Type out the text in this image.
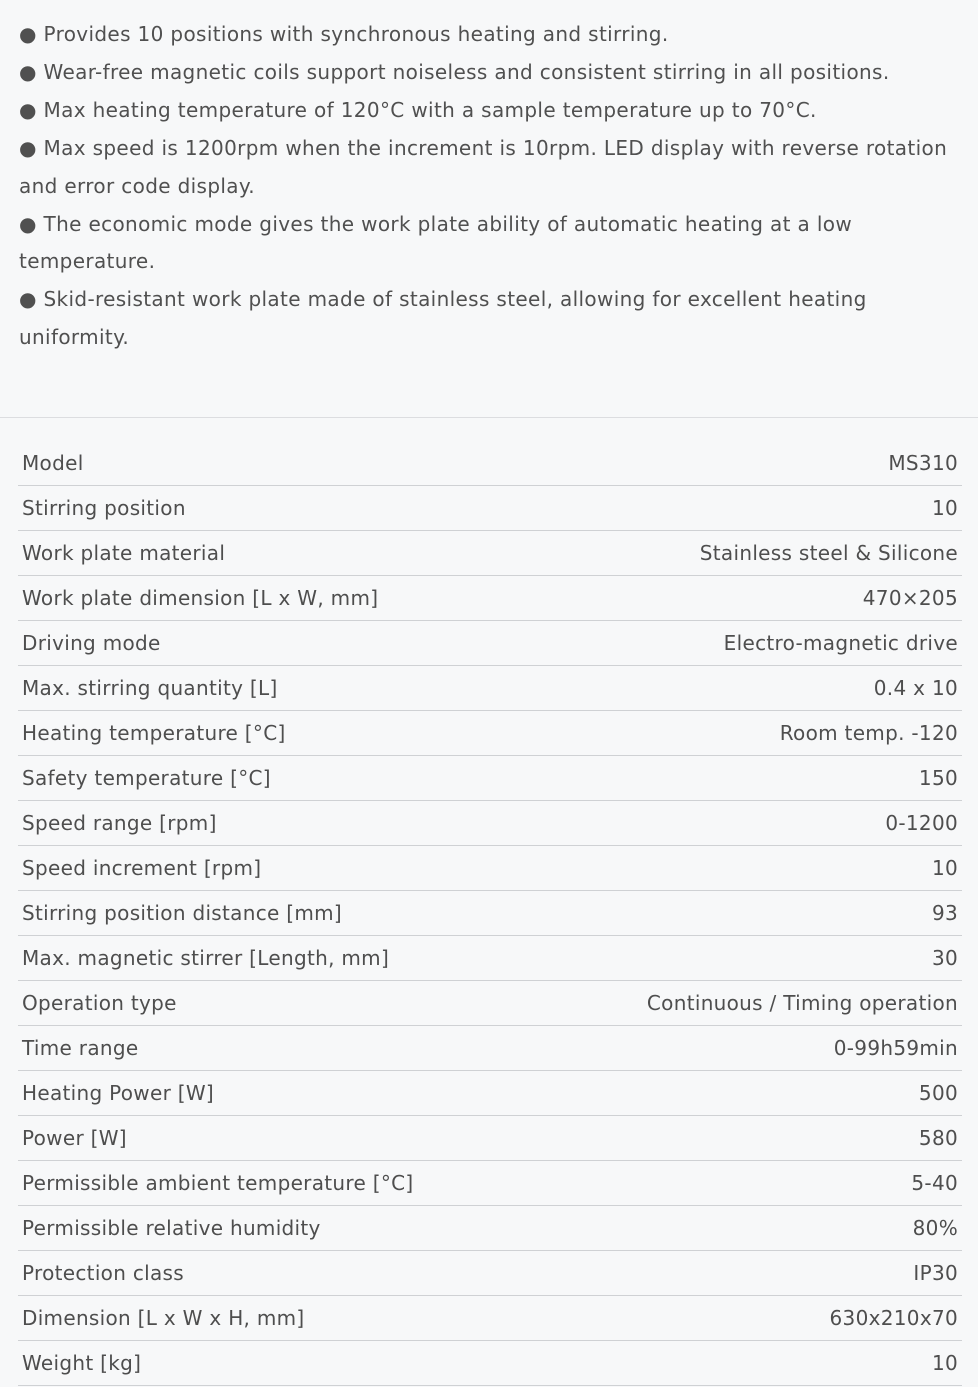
● Provides 10 positions with synchronous heating and stirring.

● Wear-free magnetic coils support noiseless and consistent stirring in all positions.

● Max heating temperature of 120°C with a sample temperature up to 70°C.

● Max speed is 1200rpm when the increment is 10rpm. LED display with reverse rotation and error code display.

● The economic mode gives the work plate ability of automatic heating at a low temperature.

● Skid-resistant work plate made of stainless steel, allowing for excellent heating uniformity.

Model	MS310
Stirring position	10
Work plate material	Stainless steel & Silicone
Work plate dimension [L x W, mm]	470×205
Driving mode	Electro-magnetic drive
Max. stirring quantity [L]	0.4 x 10
Heating temperature [°C]	Room temp. -120
Safety temperature [°C]	150
Speed range [rpm]	0-1200
Speed increment [rpm]	10
Stirring position distance [mm]	93
Max. magnetic stirrer [Length, mm]	30
Operation type	Continuous / Timing operation
Time range	0-99h59min
Heating Power [W]	500
Power [W]	580
Permissible ambient temperature [°C]	5-40
Permissible relative humidity	80%
Protection class	IP30
Dimension [L x W x H, mm]	630x210x70
Weight [kg]	10
